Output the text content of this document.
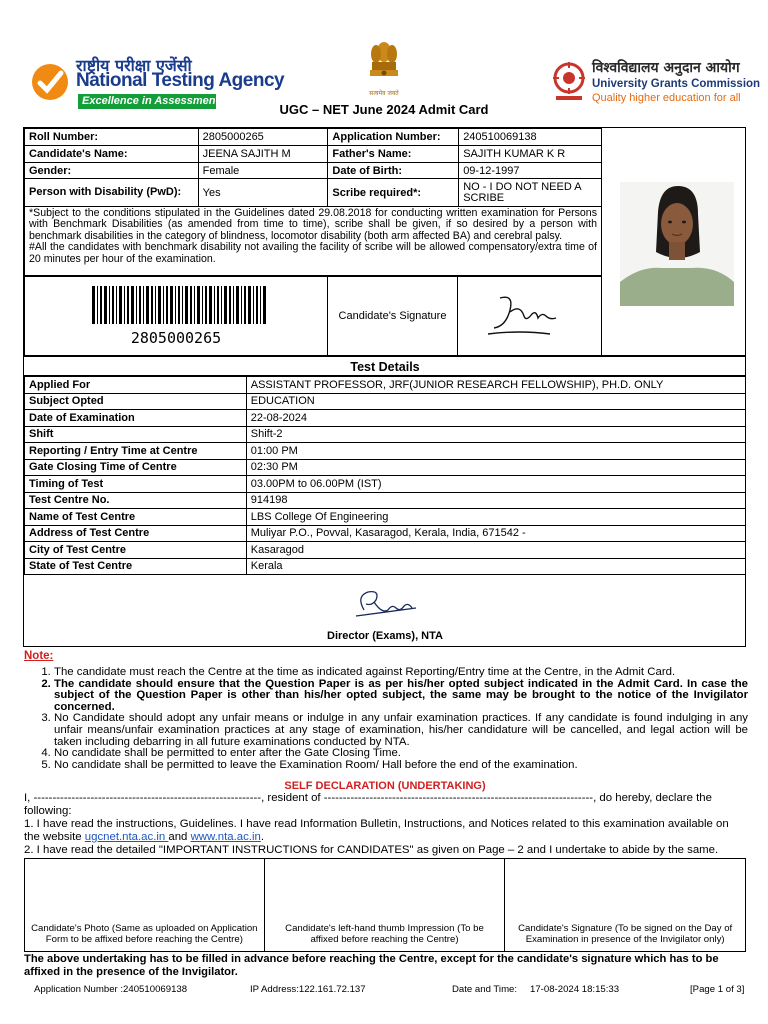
राष्ट्रीय परीक्षा एजेंसी
National Testing Agency
Excellence in Assessment
सत्यमेव जयते
UGC – NET June 2024 Admit Card
विश्वविद्यालय अनुदान आयोग
University Grants Commission
Quality higher education for all
Roll Number:	2805000265	Application Number:	240510069138
Candidate's Name:	JEENA SAJITH M	Father's Name:	SAJITH KUMAR K R
Gender:	Female	Date of Birth:	09-12-1997
Person with Disability (PwD):	Yes	Scribe required*:	NO - I DO NOT NEED A SCRIBE
*Subject to the conditions stipulated in the Guidelines dated 29.08.2018 for conducting written examination for Persons with Benchmark Disabilities (as amended from time to time), scribe shall be given, if so desired by a person with benchmark disabilities in the category of blindness, locomotor disability (both arm affected BA) and cerebral palsy.
#All the candidates with benchmark disability not availing the facility of scribe will be allowed compensatory/extra time of 20 minutes per hour of the examination.
2805000265
Candidate's Signature
Test Details
Applied For	ASSISTANT PROFESSOR, JRF(JUNIOR RESEARCH FELLOWSHIP), PH.D. ONLY
Subject Opted	EDUCATION
Date of Examination	22-08-2024
Shift	Shift-2
Reporting / Entry Time at Centre	01:00 PM
Gate Closing Time of Centre	02:30 PM
Timing of Test	03.00PM to 06.00PM (IST)
Test Centre No.	914198
Name of Test Centre	LBS College Of Engineering
Address of Test Centre	Muliyar P.O., Povval, Kasaragod, Kerala, India, 671542 -
City of Test Centre	Kasaragod
State of Test Centre	Kerala
Director (Exams), NTA
Note:
1. The candidate must reach the Centre at the time as indicated against Reporting/Entry time at the Centre, in the Admit Card.
2. The candidate should ensure that the Question Paper is as per his/her opted subject indicated in the Admit Card. In case the subject of the Question Paper is other than his/her opted subject, the same may be brought to the notice of the Invigilator concerned.
3. No Candidate should adopt any unfair means or indulge in any unfair examination practices. If any candidate is found indulging in any unfair means/unfair examination practices at any stage of examination, his/her candidature will be cancelled, and legal action will be taken including debarring in all future examinations conducted by NTA.
4. No candidate shall be permitted to enter after the Gate Closing Time.
5. No candidate shall be permitted to leave the Examination Room/ Hall before the end of the examination.
SELF DECLARATION (UNDERTAKING)
I, ------------------------------------------------------------, resident of -----------------------------------------------------------------------, do hereby, declare the following:
1. I have read the instructions, Guidelines. I have read Information Bulletin, Instructions, and Notices related to this examination available on the website ugcnet.nta.ac.in and www.nta.ac.in.
2. I have read the detailed "IMPORTANT INSTRUCTIONS for CANDIDATES" as given on Page – 2 and I undertake to abide by the same.
Candidate's Photo (Same as uploaded on Application Form to be affixed before reaching the Centre)	Candidate's left-hand thumb Impression (To be affixed before reaching the Centre)	Candidate's Signature (To be signed on the Day of Examination in presence of the Invigilator only)
The above undertaking has to be filled in advance before reaching the Centre, except for the candidate's signature which has to be affixed in the presence of the Invigilator.
Application Number :240510069138	IP Address:122.161.72.137	Date and Time: 17-08-2024 18:15:33	[Page 1 of 3]
